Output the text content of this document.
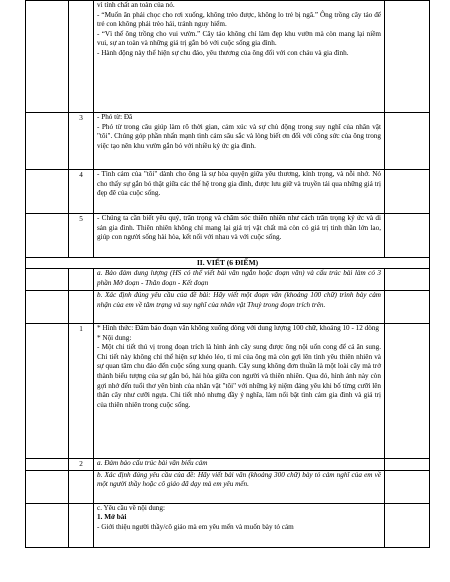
		vì tính chất an toàn của nó.

- “Muốn ăn phải chọc cho rơi xuống, không trèo được, không lo trẻ bị ngã.” Ông trồng cây táo để trẻ con không phải trèo hái, tránh nguy hiểm.

- “Vì thế ông trồng cho vui vườn.” Cây táo không chỉ làm đẹp khu vườn mà còn mang lại niềm vui, sự an toàn và những giá trị gắn bó với cuộc sống gia đình.

- Hành động này thể hiện sự chu đáo, yêu thương của ông đối với con cháu và gia đình.	

	3	- Phó từ: Đã

- Phó từ trong câu giúp làm rõ thời gian, cảm xúc và sự chủ động trong suy nghĩ của nhân vật "tôi". Chúng góp phần nhấn mạnh tình cảm sâu sắc và lòng biết ơn đối với công sức của ông trong việc tạo nên khu vườn gắn bó với nhiều kỷ ức gia đình.	

	4	- Tình cảm của "tôi" dành cho ông là sự hòa quyện giữa yêu thương, kính trọng, và nỗi nhớ. Nó cho thấy sự gắn bó thật giữa các thế hệ trong gia đình, được lưu giữ và truyền tải qua những giá trị đẹp đẽ của cuộc sống.	

	5	- Chúng ta cần biết yêu quý, trân trọng và chăm sóc thiên nhiên như cách trân trọng ký ức và di sản gia đình. Thiên nhiên không chỉ mang lại giá trị vật chất mà còn có giá trị tinh thần lớn lao, giúp con người sống hài hòa, kết nối với nhau và với cuộc sống.	

II. VIẾT (6 ĐIỂM)			

		a. Bảo đảm dung lượng (HS có thể viết bài văn ngắn hoặc đoạn văn) và cấu trúc bài làm có 3 phần Mở đoạn - Thân đoạn - Kết đoạn	

		b. Xác định đúng yêu cầu của đề bài: Hãy viết một đoạn văn (khoảng 100 chữ) trình bày cảm nhận của em về tâm trạng và suy nghĩ của nhân vật Thuỷ trong đoạn trích trên.	

	1	* Hình thức: Đảm bảo đoạn văn không xuống dòng với dung lượng 100 chữ, khoảng 10 - 12 dòng

* Nội dung:

- Một chi tiết thú vị trong đoạn trích là hình ảnh cây sung được ông nội uốn cong để cá ăn sung. Chi tiết này không chỉ thể hiện sự khéo léo, tỉ mỉ của ông mà còn gợi lên tình yêu thiên nhiên và sự quan tâm chu đáo đến cuộc sống xung quanh. Cây sung không đơn thuần là một loài cây mà trở thành biểu tượng của sự gắn bó, hài hòa giữa con người và thiên nhiên. Qua đó, hình ảnh này còn gợi nhớ đến tuổi thơ yên bình của nhân vật "tôi" với những kỷ niệm đáng yêu khi bố từng cưỡi lên thân cây như cưỡi ngựa. Chi tiết nhỏ nhưng đầy ý nghĩa, làm nổi bật tình cảm gia đình và giá trị của thiên nhiên trong cuộc sống.	

	2	a. Đảm bảo cấu trúc bài văn biểu cảm	

		b. Xác định đúng yêu cầu của đề: Hãy viết bài văn (khoảng 300 chữ) bày tỏ cảm nghĩ của em về một người thầy hoặc cô giáo đã dạy mà em yêu mến.	

		c. Yêu cầu về nội dung:

1. Mở bài

- Giới thiệu người thầy/cô giáo mà em yêu mến và muốn bày tỏ cảm	
